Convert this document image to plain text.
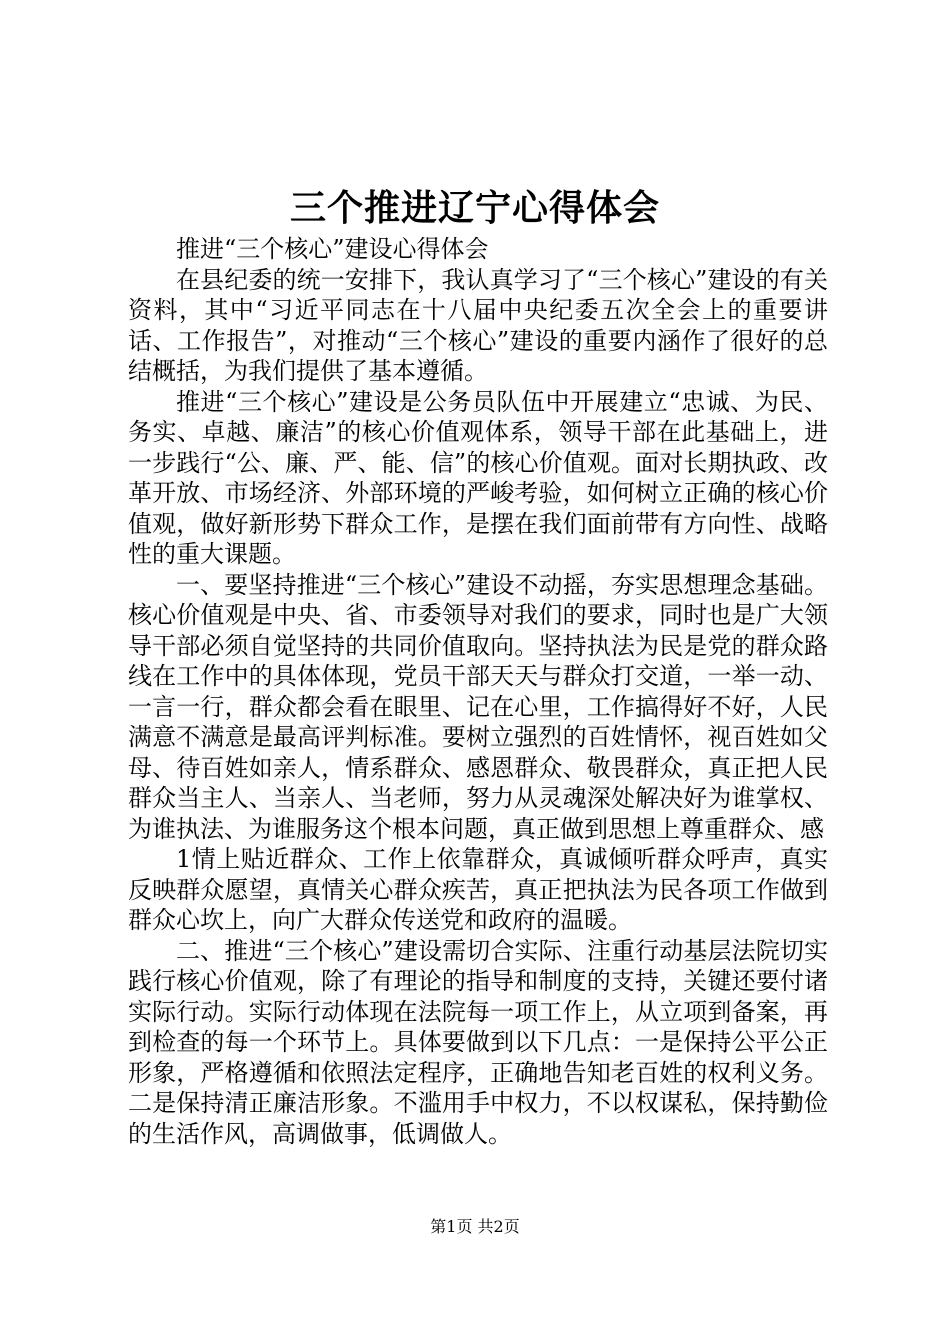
三个推进辽宁心得体会

推进“三个核心”建设心得体会

在县纪委的统一安排下，我认真学习了“三个核心”建设的有关资料，其中“习近平同志在十八届中央纪委五次全会上的重要讲话、工作报告”，对推动“三个核心”建设的重要内涵作了很好的总结概括，为我们提供了基本遵循。

推进“三个核心”建设是公务员队伍中开展建立“忠诚、为民、务实、卓越、廉洁”的核心价值观体系，领导干部在此基础上，进一步践行“公、廉、严、能、信”的核心价值观。面对长期执政、改革开放、市场经济、外部环境的严峻考验，如何树立正确的核心价值观，做好新形势下群众工作，是摆在我们面前带有方向性、战略性的重大课题。

一、要坚持推进“三个核心”建设不动摇，夯实思想理念基础。核心价值观是中央、省、市委领导对我们的要求，同时也是广大领导干部必须自觉坚持的共同价值取向。坚持执法为民是党的群众路线在工作中的具体体现，党员干部天天与群众打交道，一举一动、一言一行，群众都会看在眼里、记在心里，工作搞得好不好，人民满意不满意是最高评判标准。要树立强烈的百姓情怀，视百姓如父母、待百姓如亲人，情系群众、感恩群众、敬畏群众，真正把人民群众当主人、当亲人、当老师，努力从灵魂深处解决好为谁掌权、为谁执法、为谁服务这个根本问题，真正做到思想上尊重群众、感

1情上贴近群众、工作上依靠群众，真诚倾听群众呼声，真实反映群众愿望，真情关心群众疾苦，真正把执法为民各项工作做到群众心坎上，向广大群众传送党和政府的温暖。

二、推进“三个核心”建设需切合实际、注重行动基层法院切实践行核心价值观，除了有理论的指导和制度的支持，关键还要付诸实际行动。实际行动体现在法院每一项工作上，从立项到备案，再到检查的每一个环节上。具体要做到以下几点：一是保持公平公正形象，严格遵循和依照法定程序，正确地告知老百姓的权利义务。二是保持清正廉洁形象。不滥用手中权力，不以权谋私，保持勤俭的生活作风，高调做事，低调做人。

第1页 共2页
